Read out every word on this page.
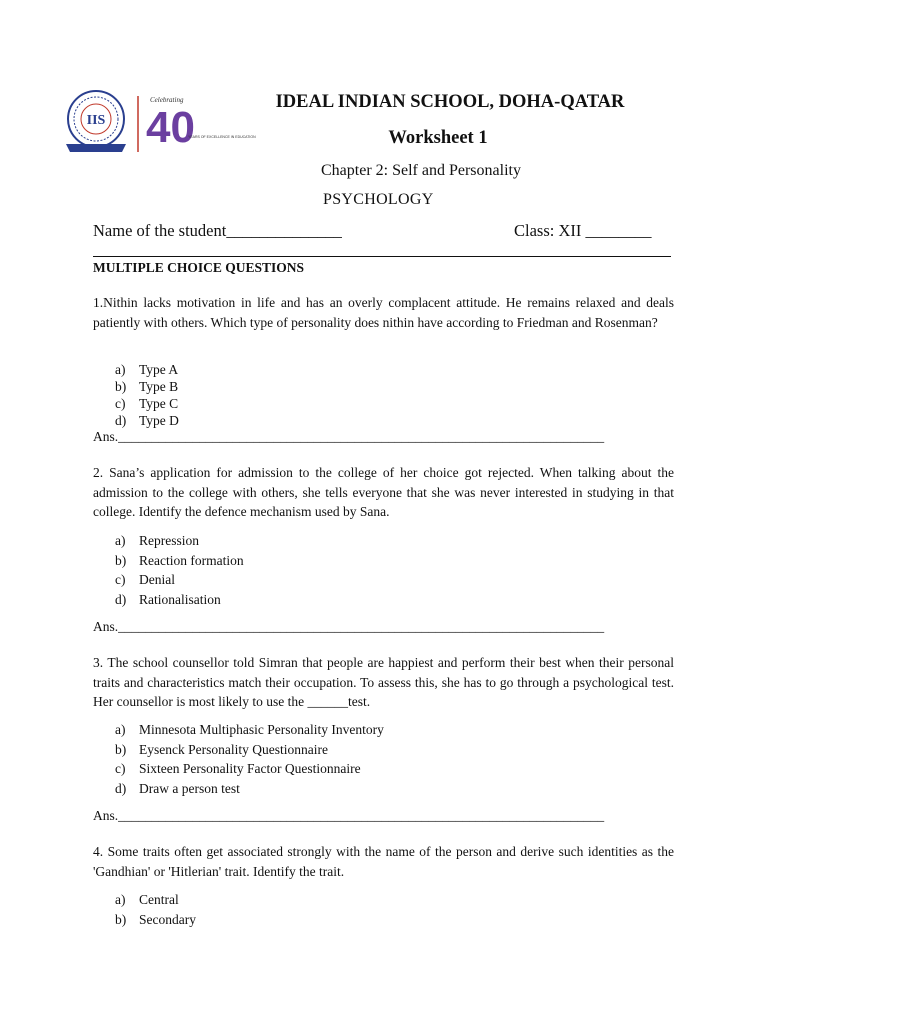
IIS
Celebrating
40
YEARS OF EXCELLENCE IN EDUCATION
IDEAL INDIAN SCHOOL, DOHA-QATAR
Worksheet 1
Chapter 2: Self and Personality
PSYCHOLOGY
Name of the student______________	Class: XII ________
MULTIPLE CHOICE QUESTIONS
1.Nithin lacks motivation in life and has an overly complacent attitude. He remains relaxed and deals patiently with others. Which type of personality does nithin have according to Friedman and Rosenman?
a) Type A
b) Type B
c) Type C
d) Type D
Ans.________________________________________________________________________
2. Sana’s application for admission to the college of her choice got rejected. When talking about the admission to the college with others, she tells everyone that she was never interested in studying in that college. Identify the defence mechanism used by Sana.
a) Repression
b) Reaction formation
c) Denial
d) Rationalisation
Ans.________________________________________________________________________
3. The school counsellor told Simran that people are happiest and perform their best when their personal traits and characteristics match their occupation. To assess this, she has to go through a psychological test. Her counsellor is most likely to use the ______test.
a) Minnesota Multiphasic Personality Inventory
b) Eysenck Personality Questionnaire
c) Sixteen Personality Factor Questionnaire
d) Draw a person test
Ans.________________________________________________________________________
4. Some traits often get associated strongly with the name of the person and derive such identities as the 'Gandhian' or 'Hitlerian' trait. Identify the trait.
a) Central
b) Secondary
